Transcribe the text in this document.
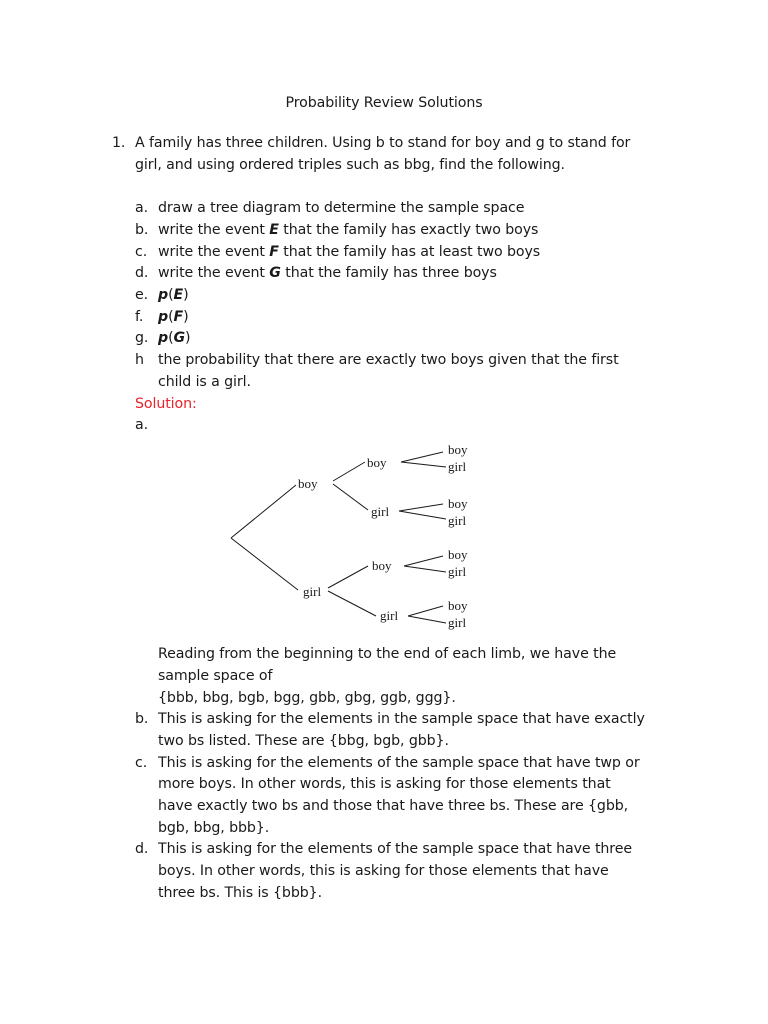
Probability Review Solutions
1. A family has three children. Using b to stand for boy and g to stand for
girl, and using ordered triples such as bbg, find the following.
a. draw a tree diagram to determine the sample space
b. write the event E that the family has exactly two boys
c. write the event F that the family has at least two boys
d. write the event G that the family has three boys
e. p(E)
f. p(F)
g. p(G)
h the probability that there are exactly two boys given that the first
child is a girl.
Solution:
a.
boy
girl
boy
girl
boy
girl
boy
girl
boy
girl
boy
girl
boy
girl
Reading from the beginning to the end of each limb, we have the
sample space of
{bbb, bbg, bgb, bgg, gbb, gbg, ggb, ggg}.
b. This is asking for the elements in the sample space that have exactly
two bs listed. These are {bbg, bgb, gbb}.
c. This is asking for the elements of the sample space that have twp or
more boys. In other words, this is asking for those elements that
have exactly two bs and those that have three bs. These are {gbb,
bgb, bbg, bbb}.
d. This is asking for the elements of the sample space that have three
boys. In other words, this is asking for those elements that have
three bs. This is {bbb}.
